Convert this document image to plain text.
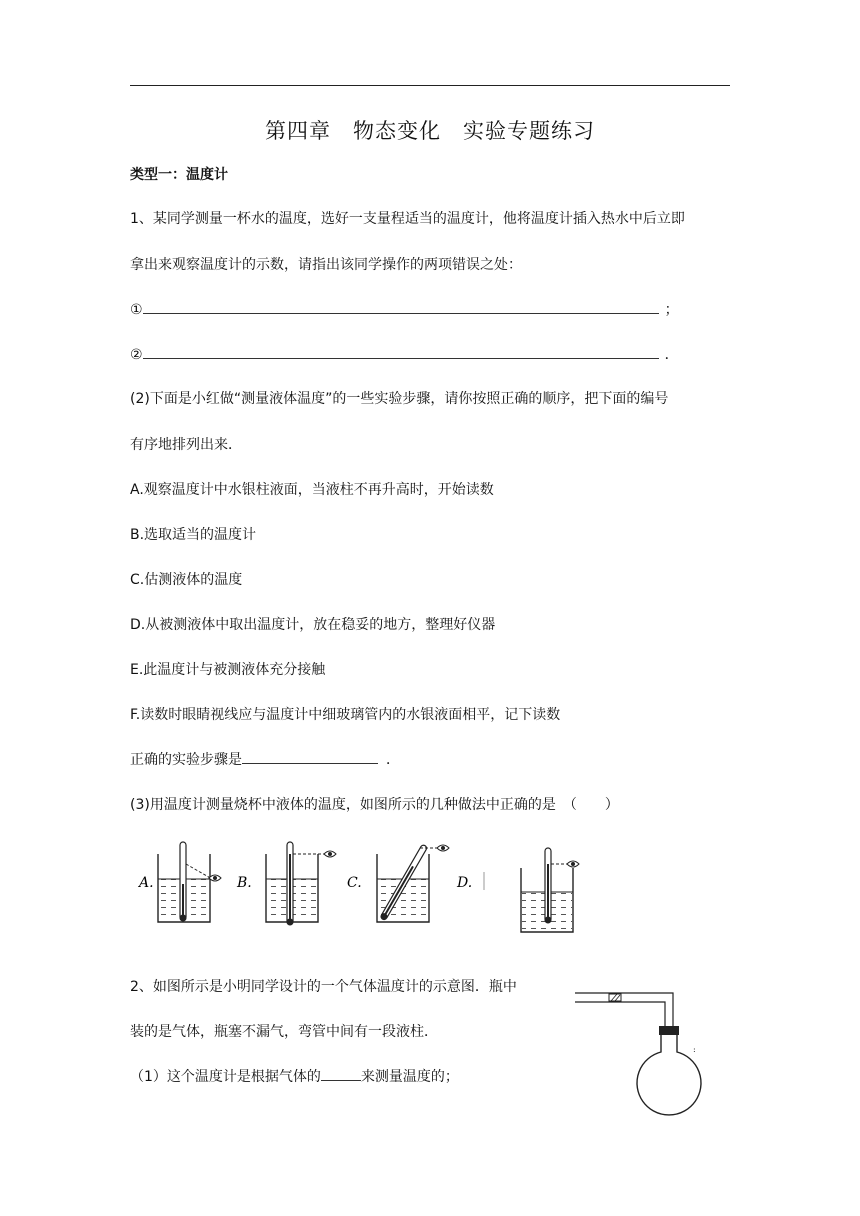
第四章　物态变化　实验专题练习
类型一：温度计
1、某同学测量一杯水的温度，选好一支量程适当的温度计，他将温度计插入热水中后立即
拿出来观察温度计的示数，请指出该同学操作的两项错误之处：
①	；
②	．
(2)下面是小红做“测量液体温度”的一些实验步骤，请你按照正确的顺序，把下面的编号
有序地排列出来．
A.观察温度计中水银柱液面，当液柱不再升高时，开始读数
B.选取适当的温度计
C.估测液体的温度
D.从被测液体中取出温度计，放在稳妥的地方，整理好仪器
E.此温度计与被测液体充分接触
F.读数时眼睛视线应与温度计中细玻璃管内的水银液面相平，记下读数
正确的实验步骤是	．
(3)用温度计测量烧杯中液体的温度，如图所示的几种做法中正确的是　（　　）
A.	B.	C.	D.
2、如图所示是小明同学设计的一个气体温度计的示意图．瓶中
装的是气体，瓶塞不漏气，弯管中间有一段液柱．
（1）这个温度计是根据气体的	来测量温度的；
:
